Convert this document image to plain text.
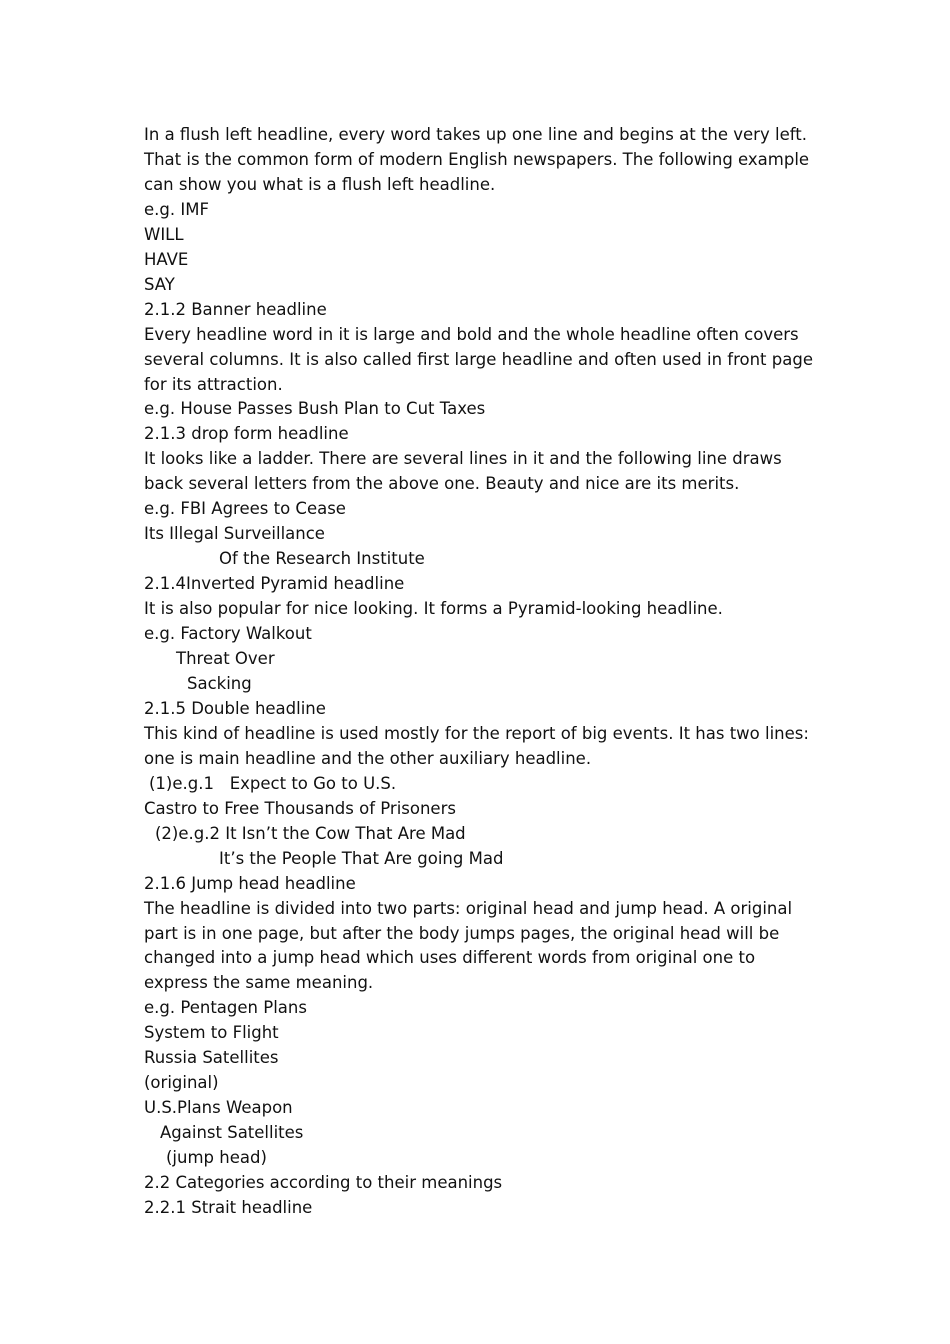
In a flush left headline, every word takes up one line and begins at the very left. That is the common form of modern English newspapers. The following example can show you what is a flush left headline.
e.g. IMF
WILL
HAVE
SAY
2.1.2 Banner headline
Every headline word in it is large and bold and the whole headline often covers several columns. It is also called first large headline and often used in front page for its attraction.
e.g. House Passes Bush Plan to Cut Taxes
2.1.3 drop form headline
It looks like a ladder. There are several lines in it and the following line draws back several letters from the above one. Beauty and nice are its merits.
e.g. FBI Agrees to Cease
Its Illegal Surveillance
Of the Research Institute
2.1.4Inverted Pyramid headline
It is also popular for nice looking. It forms a Pyramid-looking headline.
e.g. Factory Walkout
Threat Over
Sacking
2.1.5 Double headline
This kind of headline is used mostly for the report of big events. It has two lines: one is main headline and the other auxiliary headline.
(1)e.g.1   Expect to Go to U.S.
Castro to Free Thousands of Prisoners
(2)e.g.2 It Isn’t the Cow That Are Mad
It’s the People That Are going Mad
2.1.6 Jump head headline
The headline is divided into two parts: original head and jump head. A original part is in one page, but after the body jumps pages, the original head will be changed into a jump head which uses different words from original one to express the same meaning.
e.g. Pentagen Plans
System to Flight
Russia Satellites
(original)
U.S.Plans Weapon
Against Satellites
(jump head)
2.2 Categories according to their meanings
2.2.1 Strait headline
